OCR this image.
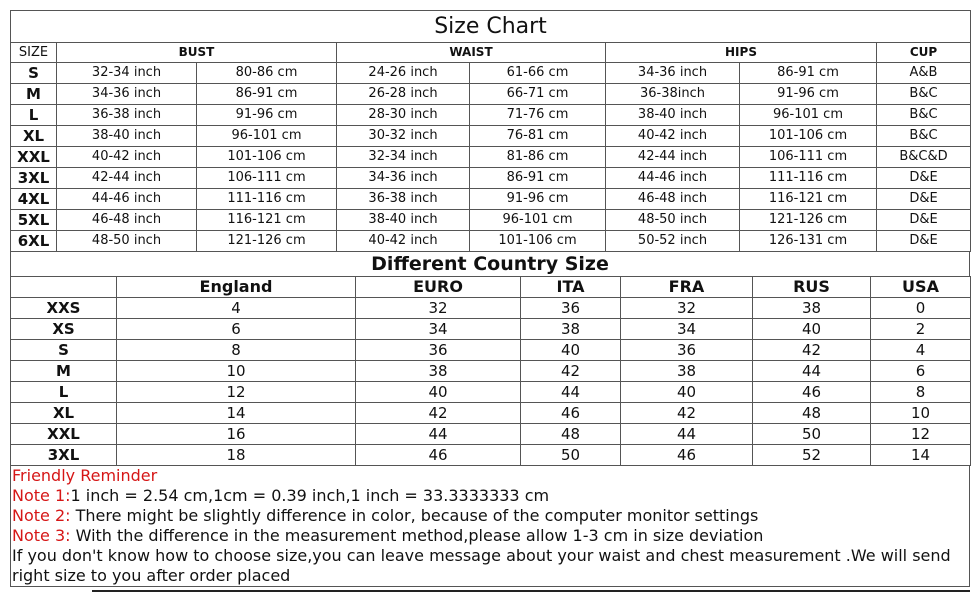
Size Chart							
SIZE	BUST		WAIST		HIPS		CUP
S	32-34 inch	80-86 cm	24-26 inch	61-66 cm	34-36 inch	86-91 cm	A&B
M	34-36 inch	86-91 cm	26-28 inch	66-71 cm	36-38inch	91-96 cm	B&C
L	36-38 inch	91-96 cm	28-30 inch	71-76 cm	38-40 inch	96-101 cm	B&C
XL	38-40 inch	96-101 cm	30-32 inch	76-81 cm	40-42 inch	101-106 cm	B&C
XXL	40-42 inch	101-106 cm	32-34 inch	81-86 cm	42-44 inch	106-111 cm	B&C&D
3XL	42-44 inch	106-111 cm	34-36 inch	86-91 cm	44-46 inch	111-116 cm	D&E
4XL	44-46 inch	111-116 cm	36-38 inch	91-96 cm	46-48 inch	116-121 cm	D&E
5XL	46-48 inch	116-121 cm	38-40 inch	96-101 cm	48-50 inch	121-126 cm	D&E
6XL	48-50 inch	121-126 cm	40-42 inch	101-106 cm	50-52 inch	126-131 cm	D&E
Different Country Size
	England	EURO	ITA	FRA	RUS	USA
XXS	4	32	36	32	38	0
XS	6	34	38	34	40	2
S	8	36	40	36	42	4
M	10	38	42	38	44	6
L	12	40	44	40	46	8
XL	14	42	46	42	48	10
XXL	16	44	48	44	50	12
3XL	18	46	50	46	52	14

Friendly Reminder

Note 1:1 inch = 2.54 cm,1cm = 0.39 inch,1 inch = 33.3333333 cm

Note 2: There might be slightly difference in color, because of the computer monitor settings

Note 3: With the difference in the measurement method,please allow 1-3 cm in size deviation

If you don't know how to choose size,you can leave message about your waist and chest measurement .We will send right size to you after order placed
